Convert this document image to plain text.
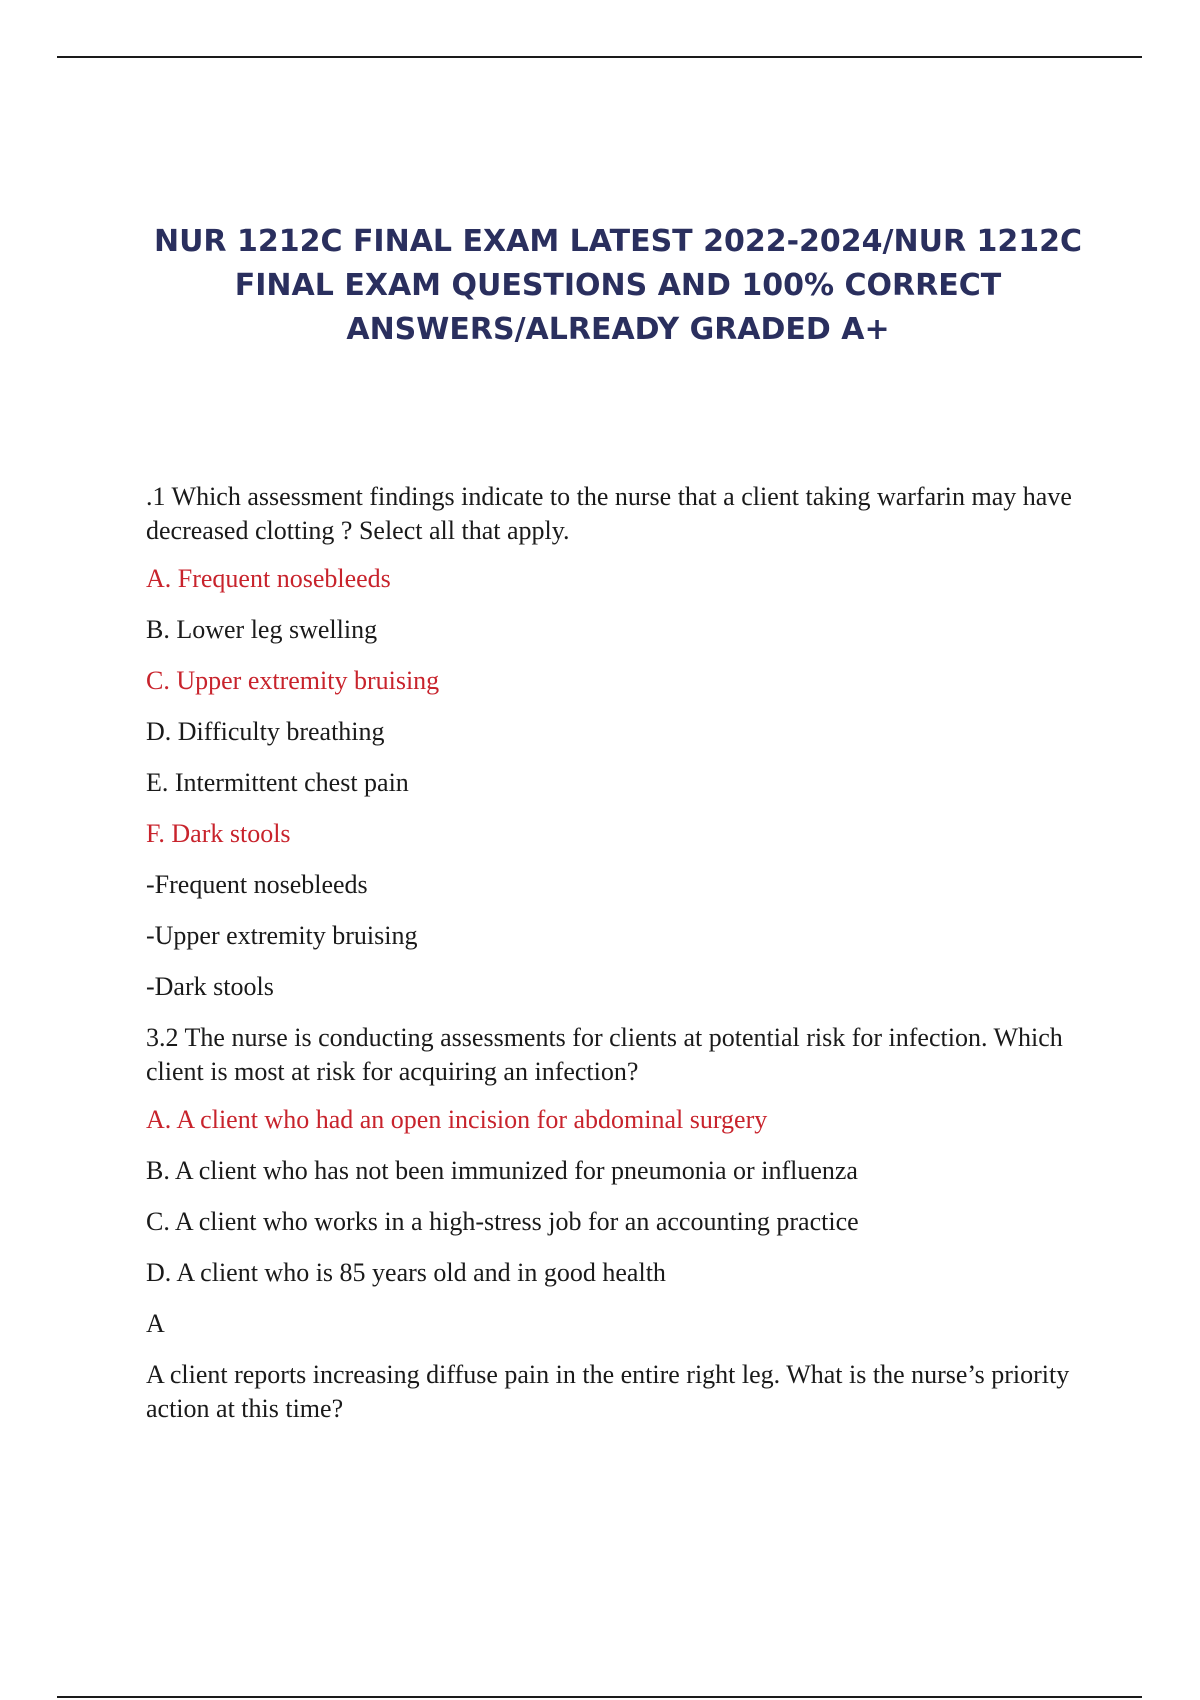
NUR 1212C FINAL EXAM LATEST 2022-2024/NUR 1212C FINAL EXAM QUESTIONS AND 100% CORRECT ANSWERS/ALREADY GRADED A+

.1 Which assessment findings indicate to the nurse that a client taking warfarin may have decreased clotting ? Select all that apply.

A. Frequent nosebleeds

B. Lower leg swelling

C. Upper extremity bruising

D. Difficulty breathing

E. Intermittent chest pain

F. Dark stools

-Frequent nosebleeds

-Upper extremity bruising

-Dark stools

3.2 The nurse is conducting assessments for clients at potential risk for infection. Which client is most at risk for acquiring an infection?

A. A client who had an open incision for abdominal surgery

B. A client who has not been immunized for pneumonia or influenza

C. A client who works in a high-stress job for an accounting practice

D. A client who is 85 years old and in good health

A

A client reports increasing diffuse pain in the entire right leg. What is the nurse’s priority action at this time?
